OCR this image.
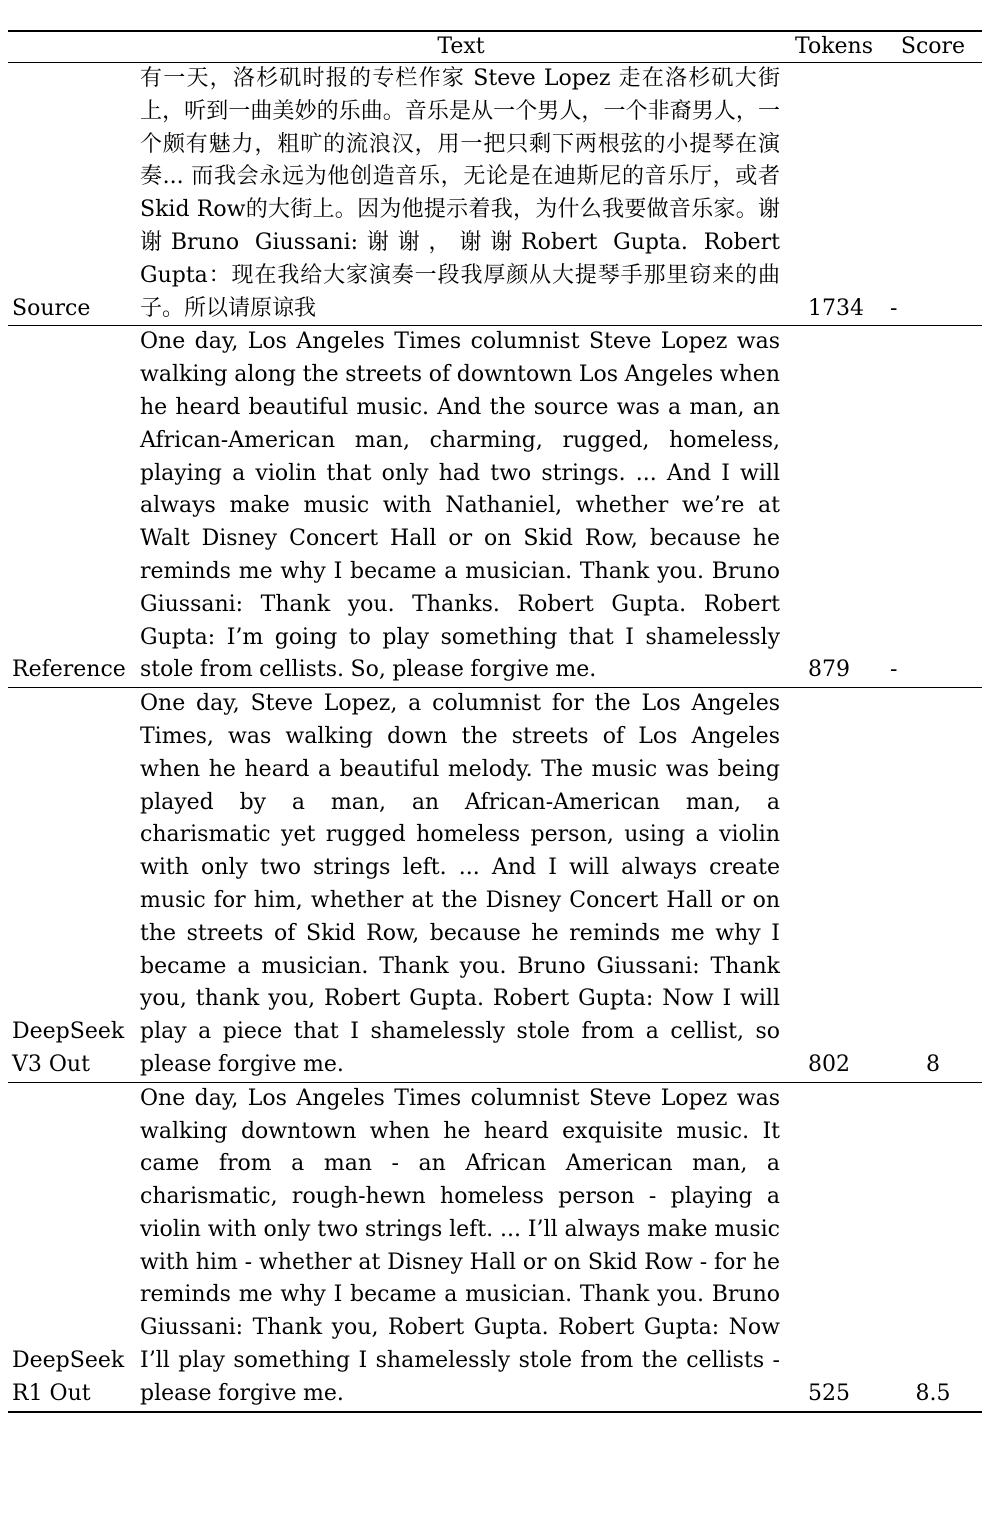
	Text	Tokens	Score
Source	有一天，洛杉矶时报的专栏作家 Steve Lopez 走在洛杉矶大街上，听到一曲美妙的乐曲。音乐是从一个男人，一个非裔男人，一个颇有魅力，粗旷的流浪汉，用一把只剩下两根弦的小提琴在演奏... 而我会永远为他创造音乐，无论是在迪斯尼的音乐厅，或者Skid Row的大街上。因为他提示着我，为什么我要做音乐家。谢谢Bruno Giussani:谢谢，谢谢Robert Gupta. Robert Gupta：现在我给大家演奏一段我厚颜从大提琴手那里窃来的曲子。所以请原谅我	1734	-
Reference	One day, Los Angeles Times columnist Steve Lopez was walking along the streets of downtown Los Angeles when he heard beautiful music. And the source was a man, an African-American man, charming, rugged, homeless, playing a violin that only had two strings. ... And I will always make music with Nathaniel, whether we’re at Walt Disney Concert Hall or on Skid Row, because he reminds me why I became a musician. Thank you. Bruno Giussani: Thank you. Thanks. Robert Gupta. Robert Gupta: I’m going to play something that I shamelessly stole from cellists. So, please forgive me.	879	-
DeepSeek V3 Out	One day, Steve Lopez, a columnist for the Los Angeles Times, was walking down the streets of Los Angeles when he heard a beautiful melody. The music was being played by a man, an African-American man, a charismatic yet rugged homeless person, using a violin with only two strings left. ... And I will always create music for him, whether at the Disney Concert Hall or on the streets of Skid Row, because he reminds me why I became a musician. Thank you. Bruno Giussani: Thank you, thank you, Robert Gupta. Robert Gupta: Now I will play a piece that I shamelessly stole from a cellist, so please forgive me.	802	8
DeepSeek R1 Out	One day, Los Angeles Times columnist Steve Lopez was walking downtown when he heard exquisite music. It came from a man - an African American man, a charismatic, rough-hewn homeless person - playing a violin with only two strings left. ... I’ll always make music with him - whether at Disney Hall or on Skid Row - for he reminds me why I became a musician. Thank you. Bruno Giussani: Thank you, Robert Gupta. Robert Gupta: Now I’ll play something I shamelessly stole from the cellists - please forgive me.	525	8.5
